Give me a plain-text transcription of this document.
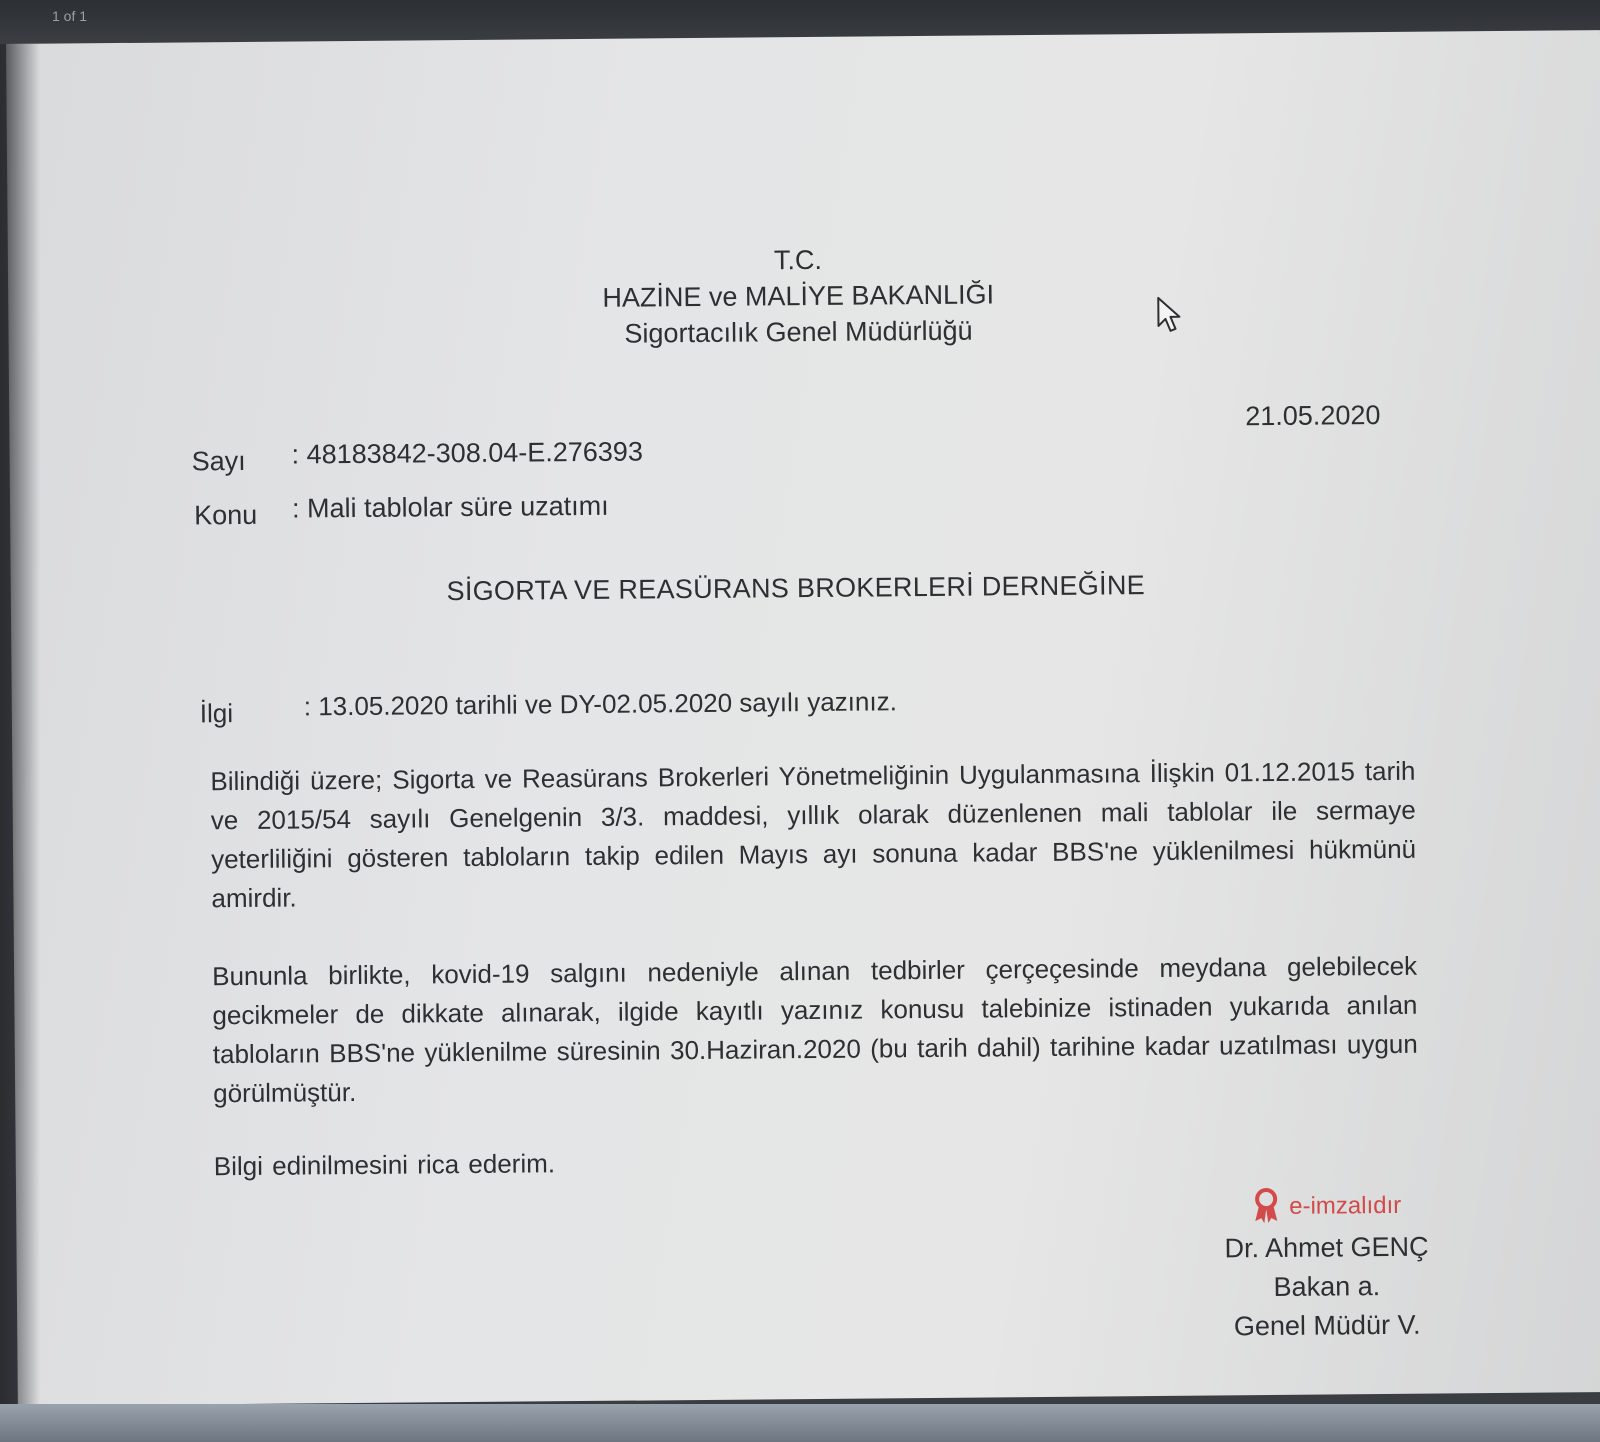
1 of 1
T.C.
HAZİNE ve MALİYE BAKANLIĞI
Sigortacılık Genel Müdürlüğü
21.05.2020
Sayı : 48183842-308.04-E.276393
Konu : Mali tablolar süre uzatımı
SİGORTA VE REASÜRANS BROKERLERİ DERNEĞİNE
İlgi	: 13.05.2020 tarihli ve DY-02.05.2020 sayılı yazınız.
Bilindiği üzere; Sigorta ve Reasürans Brokerleri Yönetmeliğinin Uygulanmasına İlişkin 01.12.2015 tarih ve 2015/54 sayılı Genelgenin 3/3. maddesi, yıllık olarak düzenlenen mali tablolar ile sermaye yeterliliğini gösteren tabloların takip edilen Mayıs ayı sonuna kadar BBS'ne yüklenilmesi hükmünü amirdir.
Bununla birlikte, kovid-19 salgını nedeniyle alınan tedbirler çerçeçesinde meydana gelebilecek gecikmeler de dikkate alınarak, ilgide kayıtlı yazınız konusu talebinize istinaden yukarıda anılan tabloların BBS'ne yüklenilme süresinin 30.Haziran.2020 (bu tarih dahil) tarihine kadar uzatılması uygun görülmüştür.
Bilgi edinilmesini rica ederim.
e-imzalıdır
Dr. Ahmet GENÇ
Bakan a.
Genel Müdür V.
